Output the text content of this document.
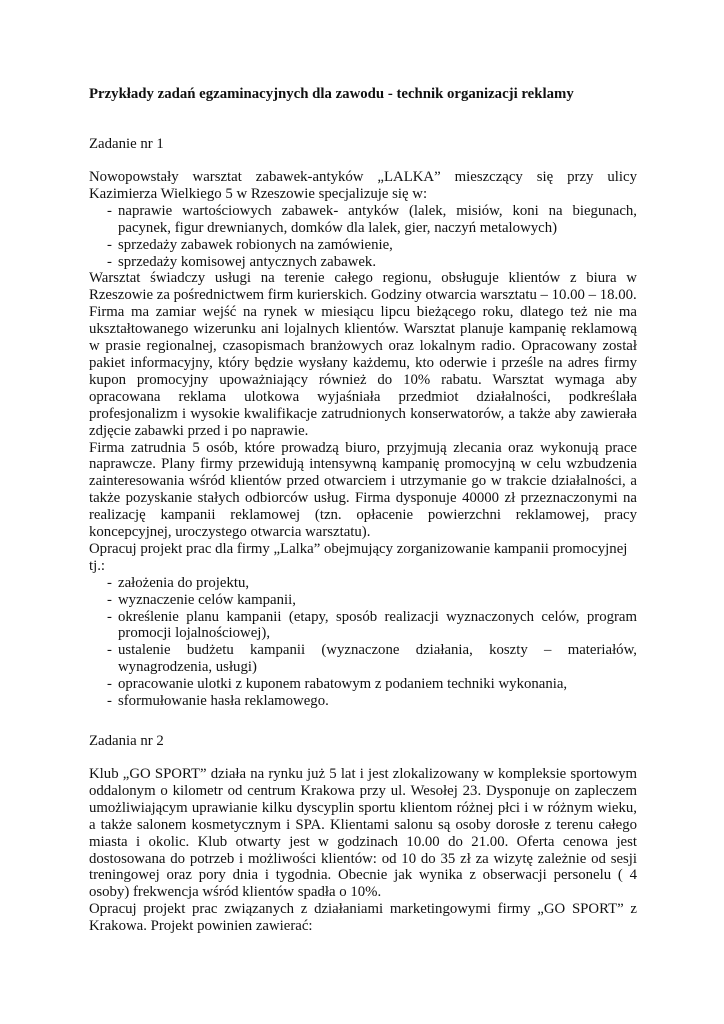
Przykłady zadań egzaminacyjnych dla zawodu - technik organizacji reklamy
Zadanie nr 1

Nowopowstały warsztat zabawek-antyków „LALKA” mieszczący się przy ulicy Kazimierza Wielkiego 5 w Rzeszowie specjalizuje się w:

- naprawie wartościowych zabawek- antyków (lalek, misiów, koni na biegunach, pacynek, figur drewnianych, domków dla lalek, gier, naczyń metalowych)
- sprzedaży zabawek robionych na zamówienie,
- sprzedaży komisowej antycznych zabawek.

Warsztat świadczy usługi na terenie całego regionu, obsługuje klientów z biura w Rzeszowie za pośrednictwem firm kurierskich. Godziny otwarcia warsztatu – 10.00 – 18.00.

Firma ma zamiar wejść na rynek w miesiącu lipcu bieżącego roku, dlatego też nie ma ukształtowanego wizerunku ani lojalnych klientów. Warsztat planuje kampanię reklamową w prasie regionalnej, czasopismach branżowych oraz lokalnym radio. Opracowany został pakiet informacyjny, który będzie wysłany każdemu, kto oderwie i prześle na adres firmy kupon promocyjny upoważniający również do 10% rabatu. Warsztat wymaga aby opracowana reklama ulotkowa wyjaśniała przedmiot działalności, podkreślała profesjonalizm i wysokie kwalifikacje zatrudnionych konserwatorów, a także aby zawierała zdjęcie zabawki przed i po naprawie.

Firma zatrudnia 5 osób, które prowadzą biuro, przyjmują zlecania oraz wykonują prace naprawcze. Plany firmy przewidują intensywną kampanię promocyjną w celu wzbudzenia zainteresowania wśród klientów przed otwarciem i utrzymanie go w trakcie działalności, a także pozyskanie stałych odbiorców usług. Firma dysponuje 40000 zł przeznaczonymi na realizację kampanii reklamowej (tzn. opłacenie powierzchni reklamowej, pracy koncepcyjnej, uroczystego otwarcia warsztatu).

Opracuj projekt prac dla firmy „Lalka” obejmujący zorganizowanie kampanii promocyjnej tj.:

- założenia do projektu,
- wyznaczenie celów kampanii,
- określenie planu kampanii (etapy, sposób realizacji wyznaczonych celów, program promocji lojalnościowej),
- ustalenie budżetu kampanii (wyznaczone działania, koszty – materiałów, wynagrodzenia, usługi)
- opracowanie ulotki z kuponem rabatowym z podaniem techniki wykonania,
- sformułowanie hasła reklamowego.
Zadania nr 2

Klub „GO SPORT” działa na rynku już 5 lat i jest zlokalizowany w kompleksie sportowym oddalonym o kilometr od centrum Krakowa przy ul. Wesołej 23. Dysponuje on zapleczem umożliwiającym uprawianie kilku dyscyplin sportu klientom różnej płci i w różnym wieku, a także salonem kosmetycznym i SPA. Klientami salonu są osoby dorosłe z terenu całego miasta i okolic. Klub otwarty jest w godzinach 10.00 do 21.00. Oferta cenowa jest dostosowana do potrzeb i możliwości klientów: od 10 do 35 zł za wizytę zależnie od sesji treningowej oraz pory dnia i tygodnia. Obecnie jak wynika z obserwacji personelu ( 4 osoby) frekwencja wśród klientów spadła o 10%.

Opracuj projekt prac związanych z działaniami marketingowymi firmy „GO SPORT” z Krakowa. Projekt powinien zawierać:
